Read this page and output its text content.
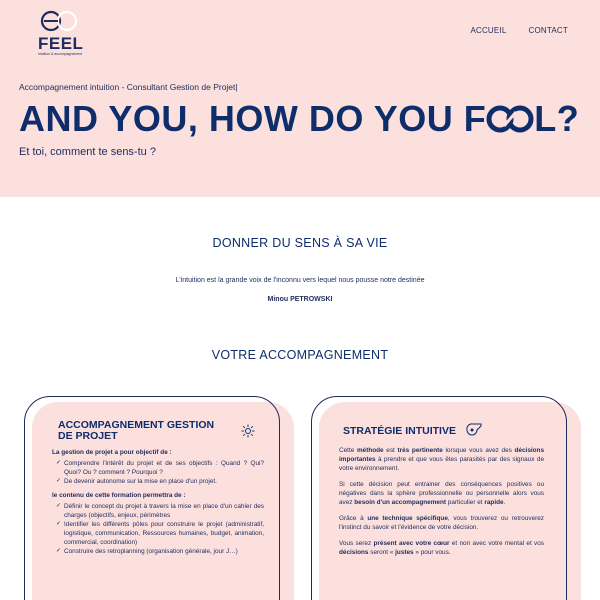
FEEL
intuition & accompagnement
ACCUEIL	CONTACT
Accompagnement intuition - Consultant Gestion de Projet|
AND YOU, HOW DO YOU F L?
Et toi, comment te sens-tu ?
DONNER DU SENS À SA VIE
L'intuition est la grande voix de l'inconnu vers lequel nous pousse notre destinée
Minou PETROWSKI
VOTRE ACCOMPAGNEMENT
ACCOMPAGNEMENT GESTION DE PROJET
La gestion de projet a pour objectif de :
✓ Comprendre l'intérêt du projet et de ses objectifs : Quand ? Qui? Quoi? Ou ? comment ? Pourquoi ?
✓ De devenir autonome sur la mise en place d'un projet.
le contenu de cette formation permettra de :
✓ Définir le concept du projet à travers la mise en place d'un cahier des charges (objectifs, enjeux, périmètres
✓ Identifier les différents pôles pour construire le projet (administratif, logistique, communication, Ressources humaines, budget, animation, commercial, coordination)
✓ Construire des retroplanning (organisation générale, jour J…)
STRATÉGIE INTUITIVE

Cette méthode est très pertinente lorsque vous avez des décisions importantes à prendre et que vous êtes parasités par des signaux de votre environnement.

Si cette décision peut entrainer des conséquences positives ou négatives dans la sphère professionnelle ou personnelle alors vous avez besoin d'un accompagnement particulier et rapide.

Grâce à une technique spécifique, vous trouverez ou retrouverez l'instinct du savoir et l'évidence de votre décision.

Vous serez présent avec votre cœur et non avec votre mental et vos décisions seront « justes » pour vous.
